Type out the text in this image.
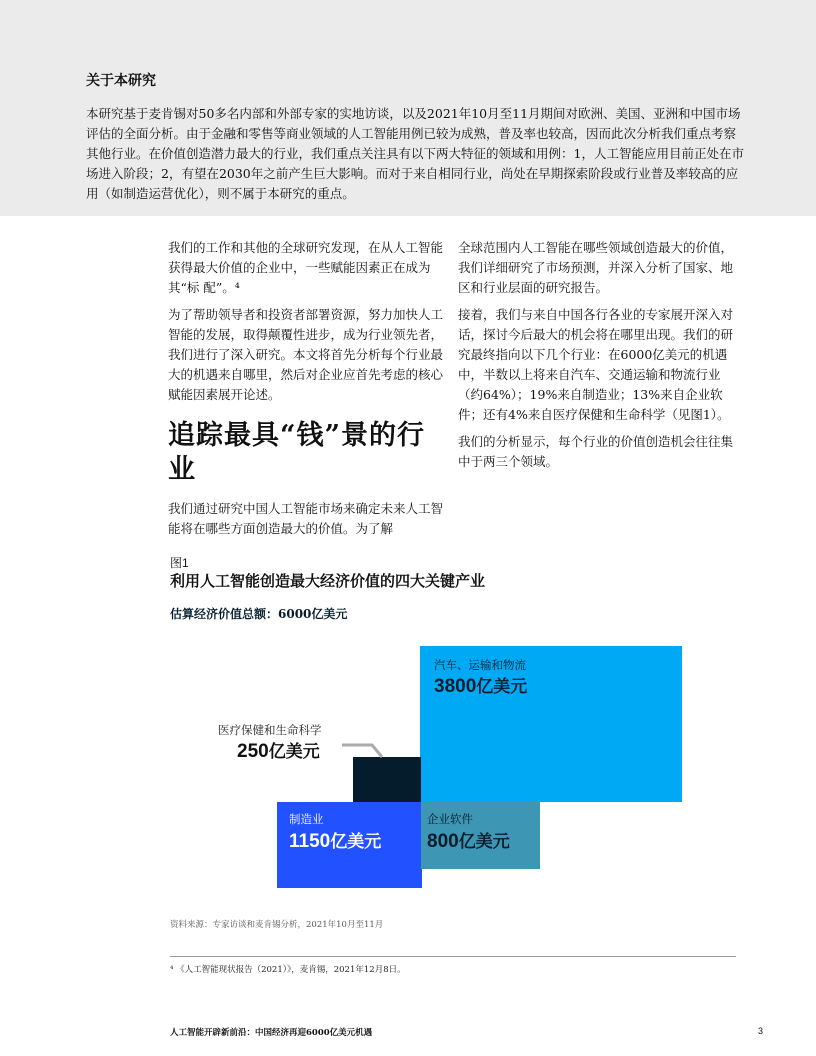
关于本研究
本研究基于麦肯锡对50多名内部和外部专家的实地访谈，以及2021年10月至11月期间对欧洲、美国、亚洲和中国市场评估的全面分析。由于金融和零售等商业领域的人工智能用例已较为成熟，普及率也较高，因而此次分析我们重点考察其他行业。在价值创造潜力最大的行业，我们重点关注具有以下两大特征的领域和用例：1，人工智能应用目前正处在市场进入阶段；2，有望在2030年之前产生巨大影响。而对于来自相同行业，尚处在早期探索阶段或行业普及率较高的应用（如制造运营优化），则不属于本研究的重点。

我们的工作和其他的全球研究发现，在从人工智能获得最大价值的企业中，一些赋能因素正在成为其“标 配”。⁴

为了帮助领导者和投资者部署资源，努力加快人工智能的发展，取得颠覆性进步，成为行业领先者，我们进行了深入研究。本文将首先分析每个行业最大的机遇来自哪里，然后对企业应首先考虑的核心赋能因素展开论述。

追踪最具“钱”景的行业

我们通过研究中国人工智能市场来确定未来人工智能将在哪些方面创造最大的价值。为了解

全球范围内人工智能在哪些领域创造最大的价值，我们详细研究了市场预测，并深入分析了国家、地区和行业层面的研究报告。

接着，我们与来自中国各行各业的专家展开深入对话，探讨今后最大的机会将在哪里出现。我们的研究最终指向以下几个行业：在6000亿美元的机遇中，半数以上将来自汽车、交通运输和物流行业（约64%）；19%来自制造业；13%来自企业软件；还有4%来自医疗保健和生命科学（见图1）。

我们的分析显示，每个行业的价值创造机会往往集中于两三个领域。

图1
利用人工智能创造最大经济价值的四大关键产业
估算经济价值总额：6000亿美元
汽车、运输和物流
3800亿美元
医疗保健和生命科学
250亿美元
制造业
1150亿美元
企业软件
800亿美元
资料来源：专家访谈和麦肯锡分析，2021年10月至11月
⁴ 《人工智能现状报告（2021）》，麦肯锡，2021年12月8日。
人工智能开辟新前沿：中国经济再迎6000亿美元机遇	3
